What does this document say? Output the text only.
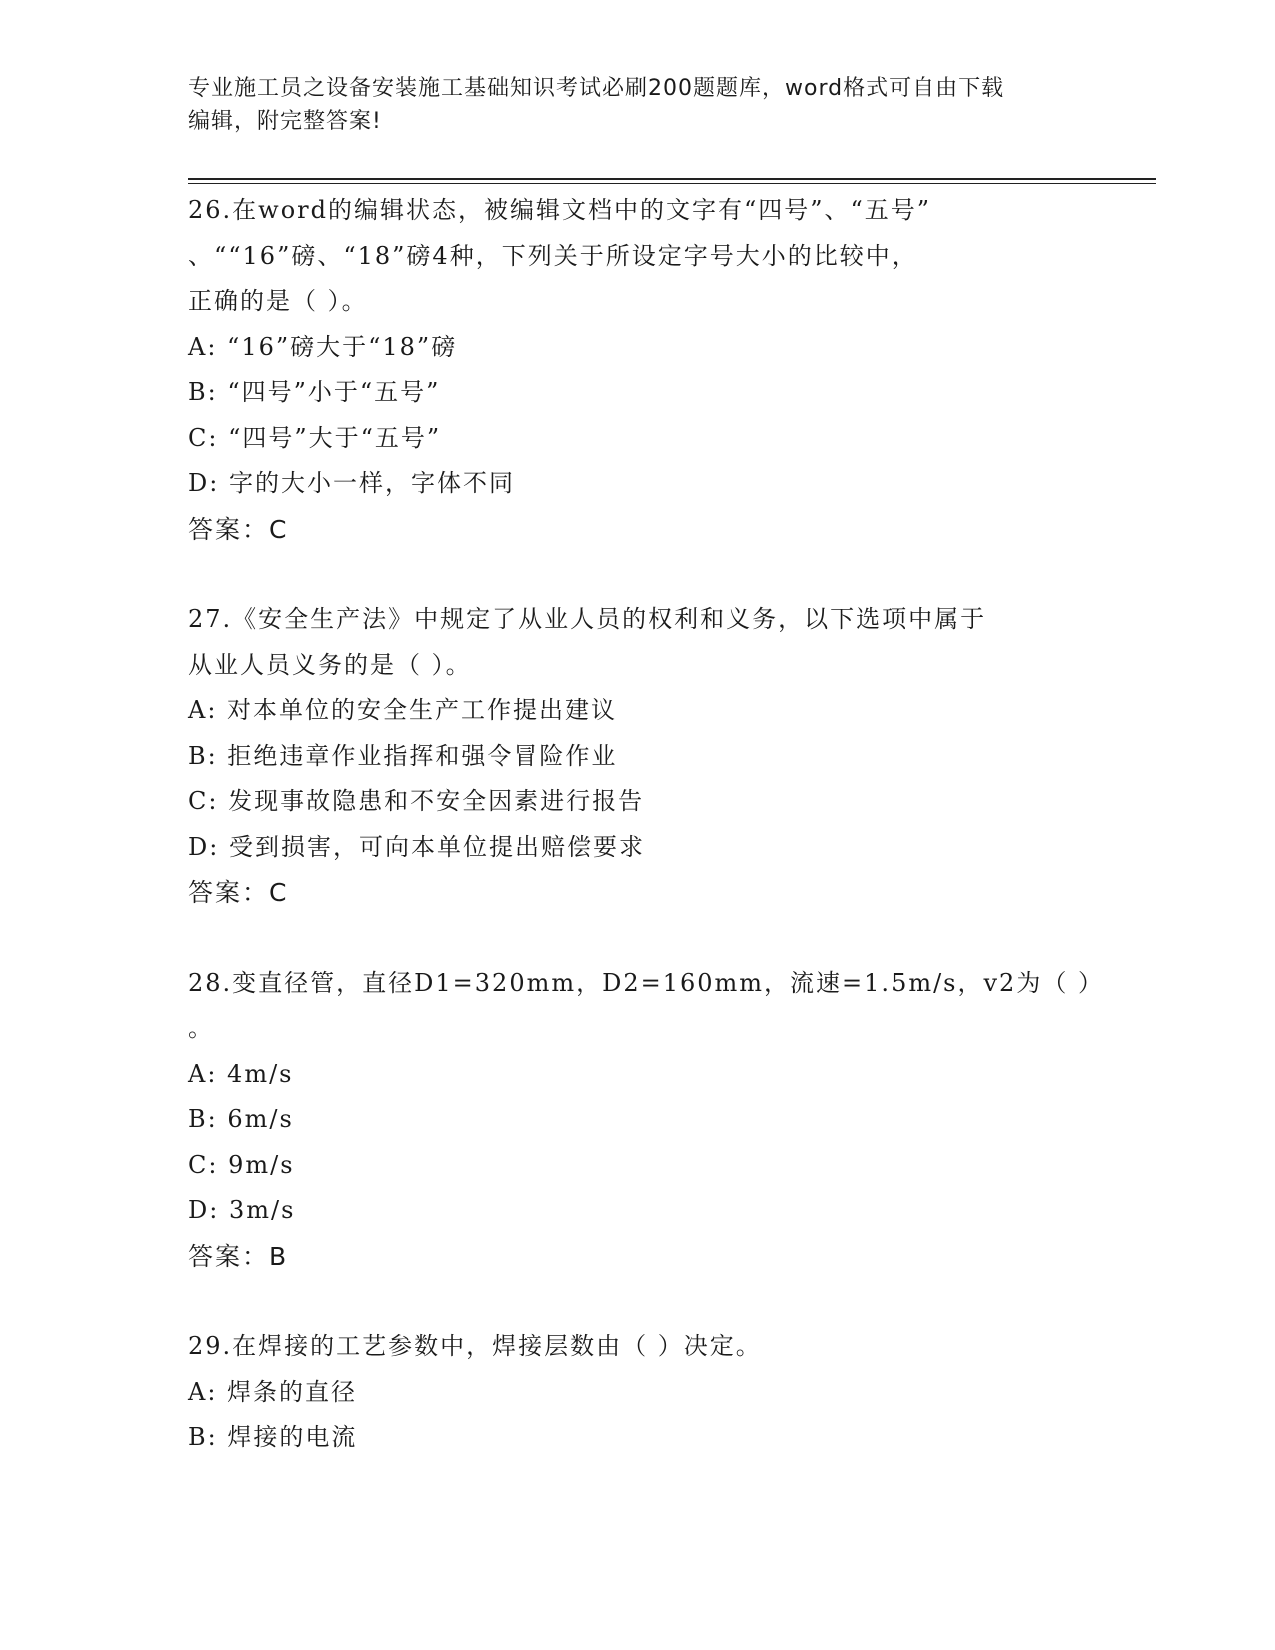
专业施工员之设备安装施工基础知识考试必刷200题题库，word格式可自由下载
编辑，附完整答案!
26.在word的编辑状态，被编辑文档中的文字有“四号”、“五号”
、““16”磅、“18”磅4种，下列关于所设定字号大小的比较中，
正确的是（ ）。
A: “16”磅大于“18”磅
B: “四号”小于“五号”
C: “四号”大于“五号”
D: 字的大小一样，字体不同
答案：C
27.《安全生产法》中规定了从业人员的权利和义务，以下选项中属于
从业人员义务的是（ ）。
A: 对本单位的安全生产工作提出建议
B: 拒绝违章作业指挥和强令冒险作业
C: 发现事故隐患和不安全因素进行报告
D: 受到损害，可向本单位提出赔偿要求
答案：C
28.变直径管，直径D1=320mm，D2=160mm，流速=1.5m/s，v2为（ ）
。
A: 4m/s
B: 6m/s
C: 9m/s
D: 3m/s
答案：B
29.在焊接的工艺参数中，焊接层数由（ ）决定。
A: 焊条的直径
B: 焊接的电流
